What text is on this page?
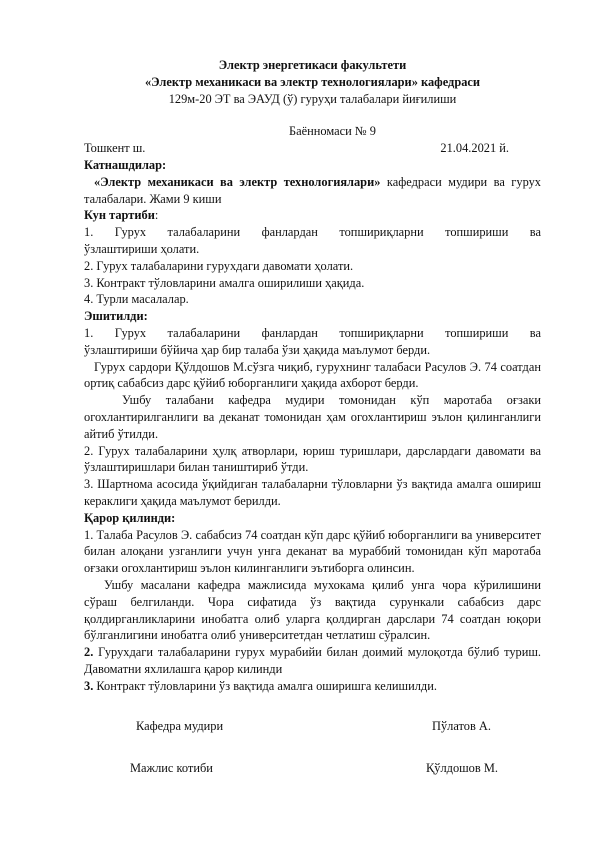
Электр энергетикаси факультети

«Электр механикаси ва электр технологиялари» кафедраси

129м-20 ЭТ ва ЭАУД (ў) гуруҳи талабалари йиғилиши

Баённомаси № 9

Тошкент ш.	21.04.2021 й.

Катнашдилар:

«Электр механикаси ва электр технологиялари» кафедраси мудири ва гурух талабалари. Жами 9 киши

Кун тартиби:

1. Гурух талабаларини фанлардан топшириқларни топшириши ва

ўзлаштириши ҳолати.

2. Гурух талабаларини гурухдаги давомати ҳолати.

3. Контракт тўловларини амалга оширилиши ҳақида.

4. Турли масалалар.

Эшитилди:

1. Гурух талабаларини фанлардан топшириқларни топшириши ва

ўзлаштириши бўйича ҳар бир талаба ўзи ҳақида маълумот берди.

Гурух сардори Қўлдошов М.сўзга чиқиб, гурухнинг талабаси Расулов Э. 74 соатдан ортиқ сабабсиз дарс қўйиб юборганлиги ҳақида ахборот берди.

Ушбу талабани кафедра мудири томонидан кўп маротаба оғзаки огохлантирилганлиги ва деканат томонидан ҳам огохлантириш эълон қилинганлиги айтиб ўтилди.

2. Гурух талабаларини ҳулқ атворлари, юриш туришлари, дарслардаги давомати ва ўзлаштиришлари билан таништириб ўтди.

3. Шартнома асосида ўқийдиган талабаларни тўловларни ўз вақтида амалга ошириш кераклиги ҳақида маълумот берилди.

Қарор қилинди:

1. Талаба Расулов Э. сабабсиз 74 соатдан кўп дарс қўйиб юборганлиги ва университет билан алоқани узганлиги учун унга деканат ва мураббий томонидан кўп маротаба оғзаки огохлантириш эълон килинганлиги эътиборга олинсин.

Ушбу масалани кафедра мажлисида мухокама қилиб унга чора кўрилишини сўраш белгиланди. Чора сифатида ўз вақтида сурункали сабабсиз дарс қолдирганликларини инобатга олиб уларга қолдирган дарслари 74 соатдан юқори бўлганлигини инобатга олиб университетдан четлатиш сўралсин.

2. Гурухдаги талабаларини гурух мурабийи билан доимий мулоқотда бўлиб туриш. Давоматни яхлилашга қарор килинди

3. Контракт тўловларини ўз вақтида амалга оширишга келишилди.

Кафедра мудири	Пўлатов А.
Мажлис котиби	Қўлдошов М.
